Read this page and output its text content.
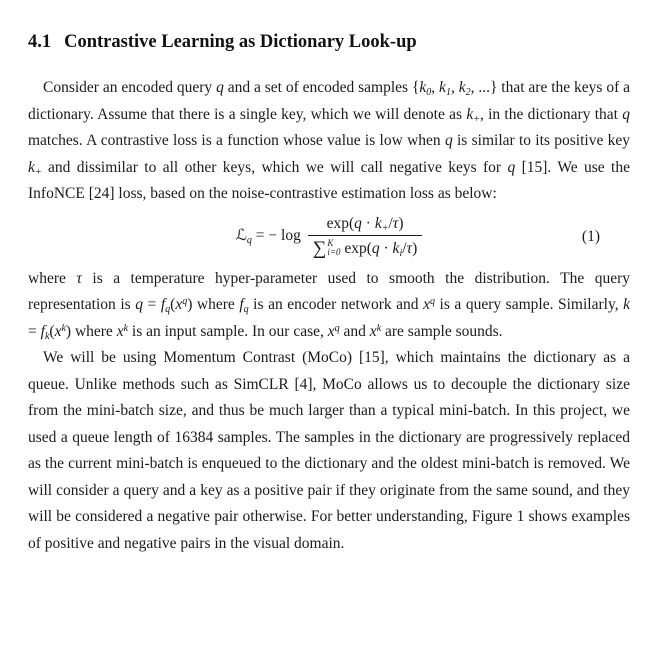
4.1 Contrastive Learning as Dictionary Look-up

Consider an encoded query q and a set of encoded samples {$k_0$, $k_1$, $k_2$, ...} that are the keys of a dictionary. Assume that there is a single key, which we will denote as $k_+$, in the dictionary that q matches. A contrastive loss is a function whose value is low when q is similar to its positive key $k_+$ and dissimilar to all other keys, which we will call negative keys for q [15]. We use the InfoNCE [24] loss, based on the noise-contrastive estimation loss as below:

ℒ$_q$ = − $\log \exp(q \cdot k_+/\tau)$
∑ K
i=0 $\exp(q \cdot k_i/\tau)$	(1)

where τ is a temperature hyper-parameter used to smooth the distribution. The query representation is $q = f_q(x^q)$ where $f_q$ is an encoder network and $x^q$ is a query sample. Similarly, $k = f_k(x^k)$ where $x^k$ is an input sample. In our case, $x^q$ and $x^k$ are sample sounds.

We will be using Momentum Contrast (MoCo) [15], which maintains the dictionary as a queue. Unlike methods such as SimCLR [4], MoCo allows us to decouple the dictionary size from the mini-batch size, and thus be much larger than a typical mini-batch. In this project, we used a queue length of 16384 samples. The samples in the dictionary are progressively replaced as the current mini-batch is enqueued to the dictionary and the oldest mini-batch is removed. We will consider a query and a key as a positive pair if they originate from the same sound, and they will be considered a negative pair otherwise. For better understanding, Figure 1 shows examples of positive and negative pairs in the visual domain.
